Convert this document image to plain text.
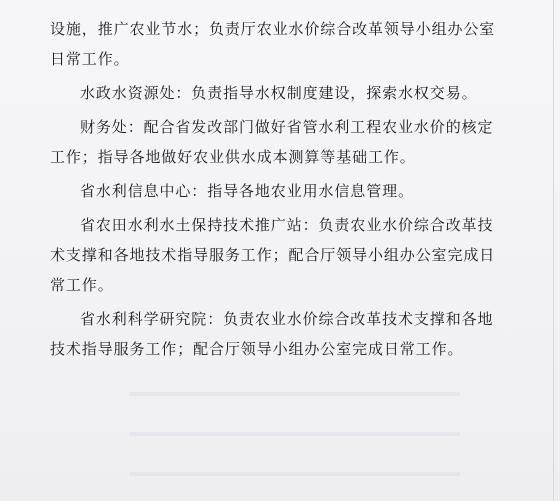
设施，推广农业节水；负责厅农业水价综合改革领导小组办公室
日常工作。
水政水资源处：负责指导水权制度建设，探索水权交易。
财务处：配合省发改部门做好省管水利工程农业水价的核定
工作；指导各地做好农业供水成本测算等基础工作。
省水利信息中心：指导各地农业用水信息管理。
省农田水利水土保持技术推广站：负责农业水价综合改革技
术支撑和各地技术指导服务工作；配合厅领导小组办公室完成日
常工作。
省水利科学研究院：负责农业水价综合改革技术支撑和各地
技术指导服务工作；配合厅领导小组办公室完成日常工作。
